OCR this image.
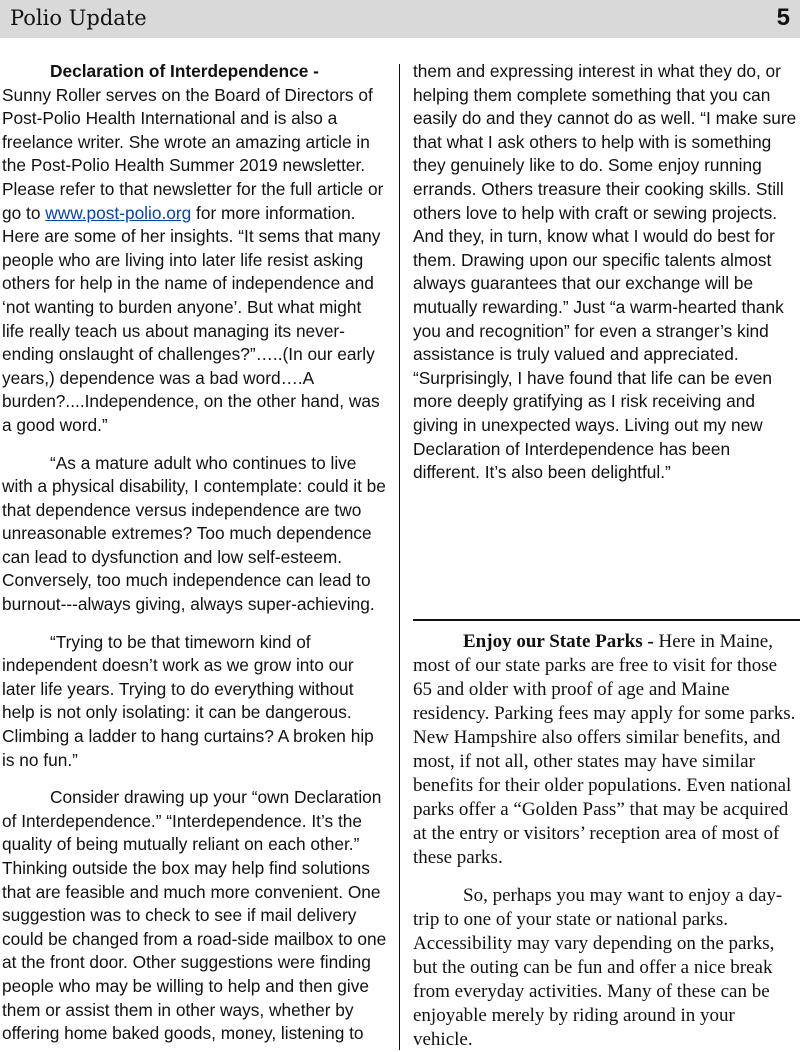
Polio Update	5

Declaration of Interdependence -
Sunny Roller serves on the Board of Directors of Post-Polio Health International and is also a freelance writer. She wrote an amazing article in the Post-Polio Health Summer 2019 newsletter. Please refer to that newsletter for the full article or go to www.post-polio.org for more information. Here are some of her insights. “It sems that many people who are living into later life resist asking others for help in the name of independence and ‘not wanting to burden anyone’. But what might life really teach us about managing its never-ending onslaught of challenges?”…..(In our early years,) dependence was a bad word….A burden?....Independence, on the other hand, was a good word.”

“As a mature adult who continues to live with a physical disability, I contemplate: could it be that dependence versus independence are two unreasonable extremes? Too much dependence can lead to dysfunction and low self-esteem. Conversely, too much independence can lead to burnout---always giving, always super-achieving.

“Trying to be that timeworn kind of independent doesn’t work as we grow into our later life years. Trying to do everything without help is not only isolating: it can be dangerous. Climbing a ladder to hang curtains? A broken hip is no fun.”

Consider drawing up your “own Declaration of Interdependence.” “Interdependence. It’s the quality of being mutually reliant on each other.” Thinking outside the box may help find solutions that are feasible and much more convenient. One suggestion was to check to see if mail delivery could be changed from a road-side mailbox to one at the front door. Other suggestions were finding people who may be willing to help and then give them or assist them in other ways, whether by offering home baked goods, money, listening to

Enjoy our State Parks - Here in Maine, most of our state parks are free to visit for those 65 and older with proof of age and Maine residency. Parking fees may apply for some parks. New Hampshire also offers similar benefits, and most, if not all, other states may have similar benefits for their older populations. Even national parks offer a “Golden Pass” that may be acquired at the entry or visitors’ reception area of most of these parks.

So, perhaps you may want to enjoy a day-trip to one of your state or national parks. Accessibility may vary depending on the parks, but the outing can be fun and offer a nice break from everyday activities. Many of these can be enjoyable merely by riding around in your vehicle.

them and expressing interest in what they do, or helping them complete something that you can easily do and they cannot do as well. “I make sure that what I ask others to help with is something they genuinely like to do. Some enjoy running errands. Others treasure their cooking skills. Still others love to help with craft or sewing projects. And they, in turn, know what I would do best for them. Drawing upon our specific talents almost always guarantees that our exchange will be mutually rewarding.” Just “a warm-hearted thank you and recognition” for even a stranger’s kind assistance is truly valued and appreciated. “Surprisingly, I have found that life can be even more deeply gratifying as I risk receiving and giving in unexpected ways. Living out my new Declaration of Interdependence has been different. It’s also been delightful.”
